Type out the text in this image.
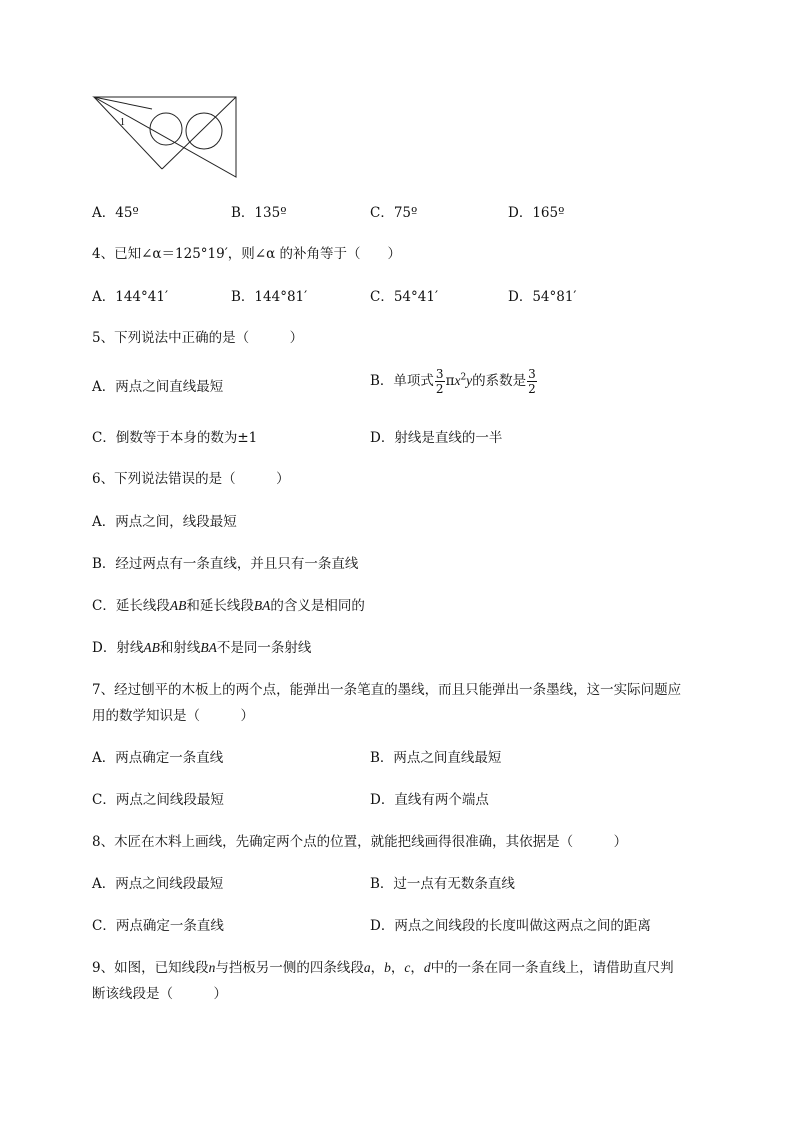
1
A．45º	B．135º	C．75º	D．165º
4、已知∠α＝125°19′，则∠α 的补角等于（　　）
A．144°41′	B．144°81′	C．54°41′	D．54°81′
5、下列说法中正确的是（　　　）
A．两点之间直线最短	B．单项式 $\frac{3}{2} \pi x^2y$的系数是 $\frac{3}{2}$
C．倒数等于本身的数为±1	D．射线是直线的一半
6、下列说法错误的是（　　　）
A．两点之间，线段最短
B．经过两点有一条直线，并且只有一条直线
C．延长线段AB和延长线段BA的含义是相同的
D．射线AB和射线BA不是同一条射线
7、经过刨平的木板上的两个点，能弹出一条笔直的墨线，而且只能弹出一条墨线，这一实际问题应
用的数学知识是（　　　）
A．两点确定一条直线	B．两点之间直线最短
C．两点之间线段最短	D．直线有两个端点
8、木匠在木料上画线，先确定两个点的位置，就能把线画得很准确，其依据是（　　　）
A．两点之间线段最短	B．过一点有无数条直线
C．两点确定一条直线	D．两点之间线段的长度叫做这两点之间的距离
9、如图，已知线段n与挡板另一侧的四条线段a，b，c，d中的一条在同一条直线上，请借助直尺判
断该线段是（　　　）
